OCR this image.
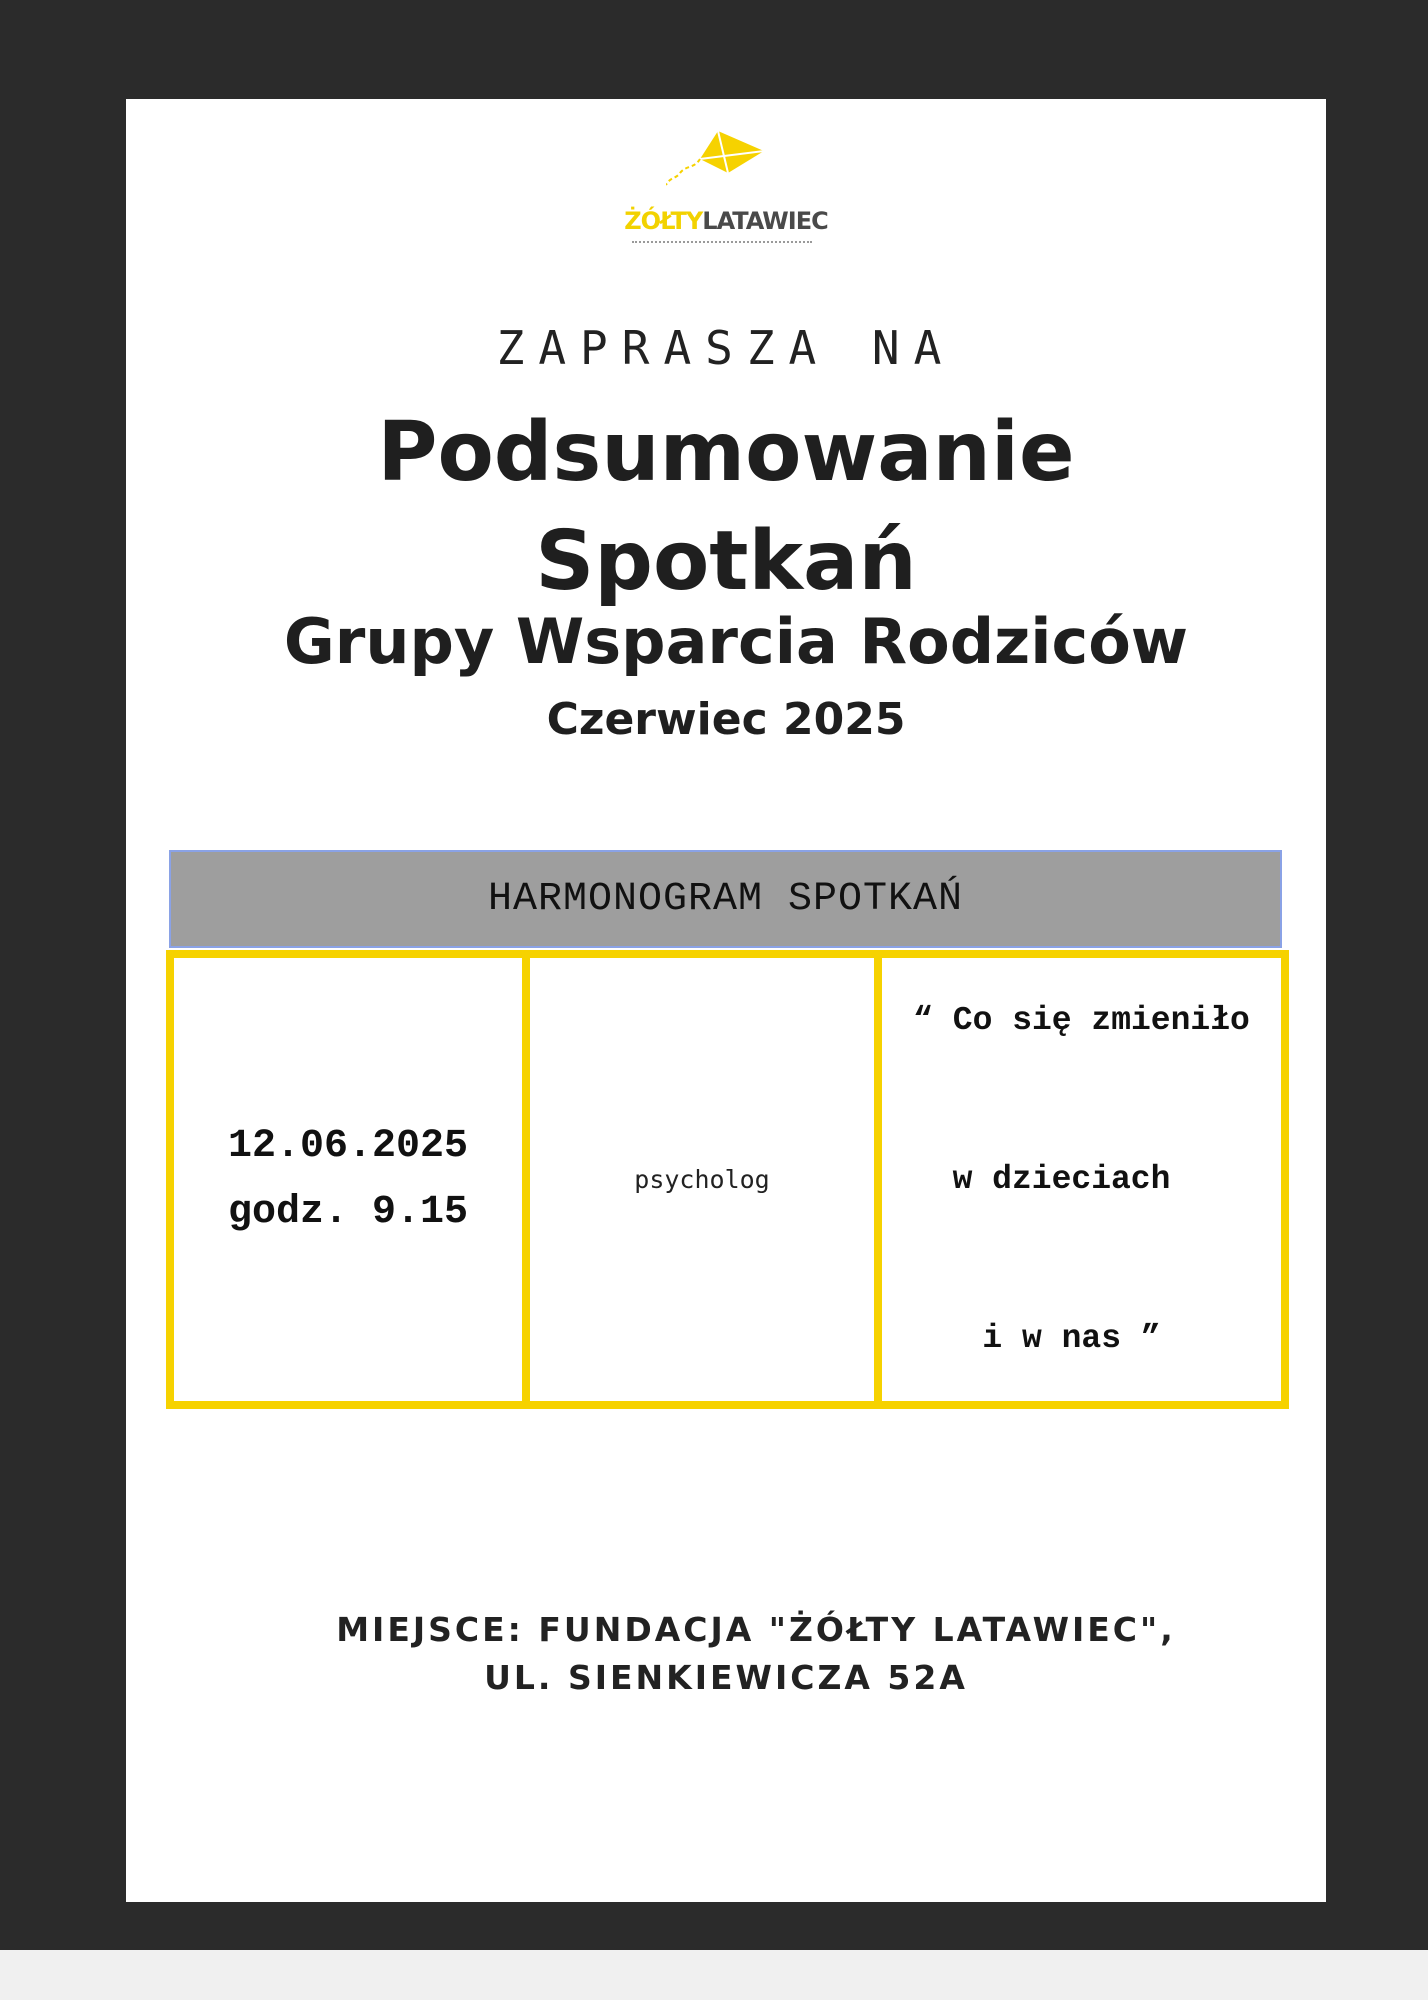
ŻÓŁTYLATAWIEC
ZAPRASZA NA
Podsumowanie
Spotkań
Grupy Wsparcia Rodziców
Czerwiec 2025
HARMONOGRAM SPOTKAŃ
12.06.2025
godz. 9.15
psycholog

“ Co się zmieniło

w dzieciach

i w nas ”

MIEJSCE: FUNDACJA "ŻÓŁTY LATAWIEC",
UL. SIENKIEWICZA 52A
